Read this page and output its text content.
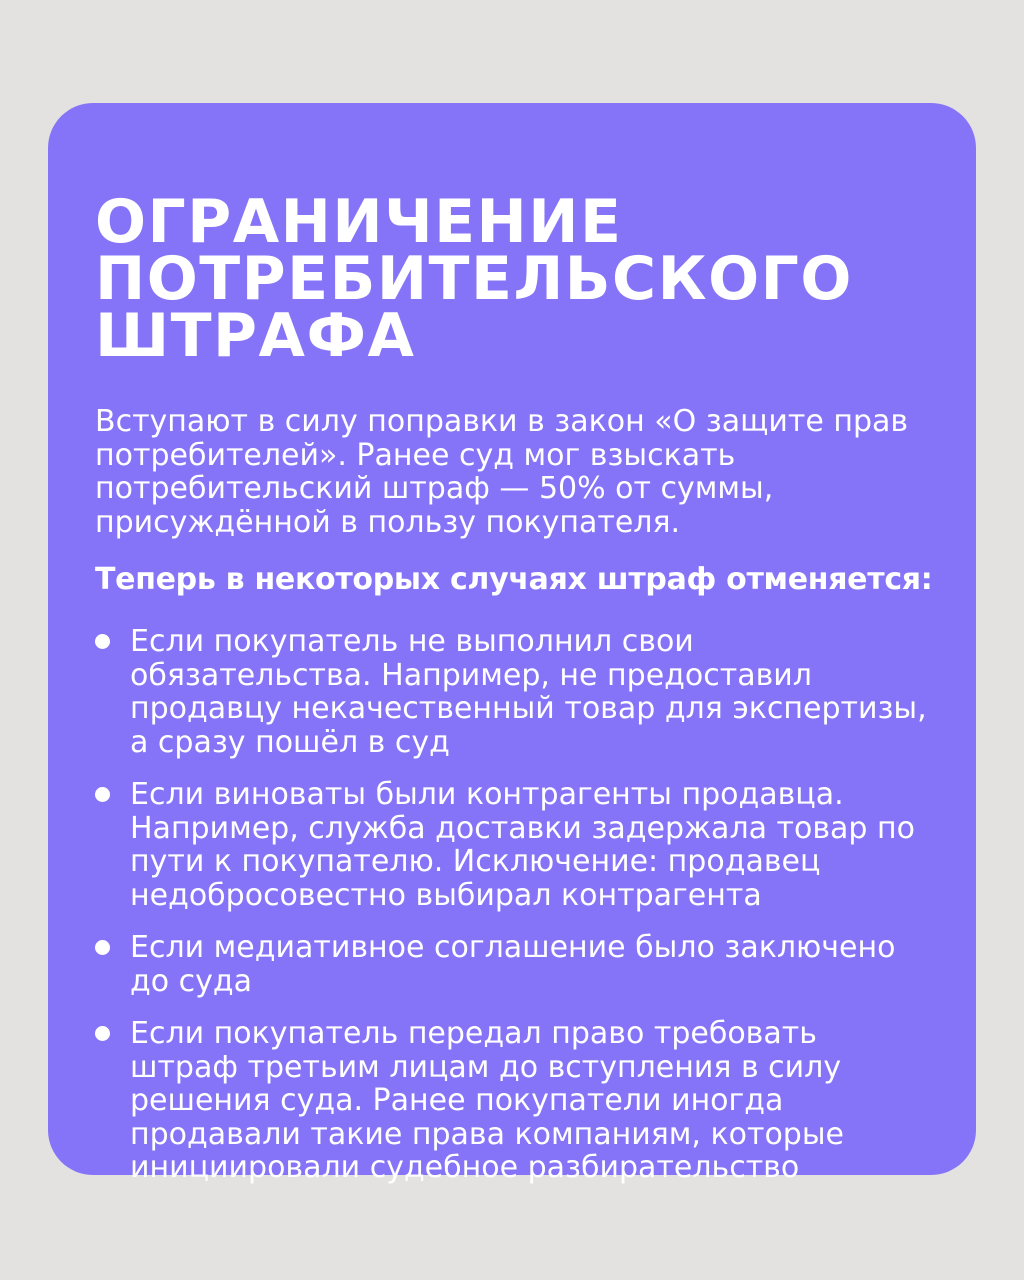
ОГРАНИЧЕНИЕ
ПОТРЕБИТЕЛЬСКОГО
ШТРАФА

Вступают в силу поправки в закон «О защите прав потребителей». Ранее суд мог взыскать потребительский штраф — 50% от суммы, присуждённой в пользу покупателя.

Теперь в некоторых случаях штраф отменяется:

Если покупатель не выполнил свои обязательства. Например, не предоставил продавцу некачественный товар для экспертизы, а сразу пошёл в суд
Если виноваты были контрагенты продавца. Например, служба доставки задержала товар по пути к покупателю. Исключение: продавец недобросовестно выбирал контрагента
Если медиативное соглашение было заключено до суда
Если покупатель передал право требовать штраф третьим лицам до вступления в силу решения суда. Ранее покупатели иногда продавали такие права компаниям, которые инициировали судебное разбирательство
